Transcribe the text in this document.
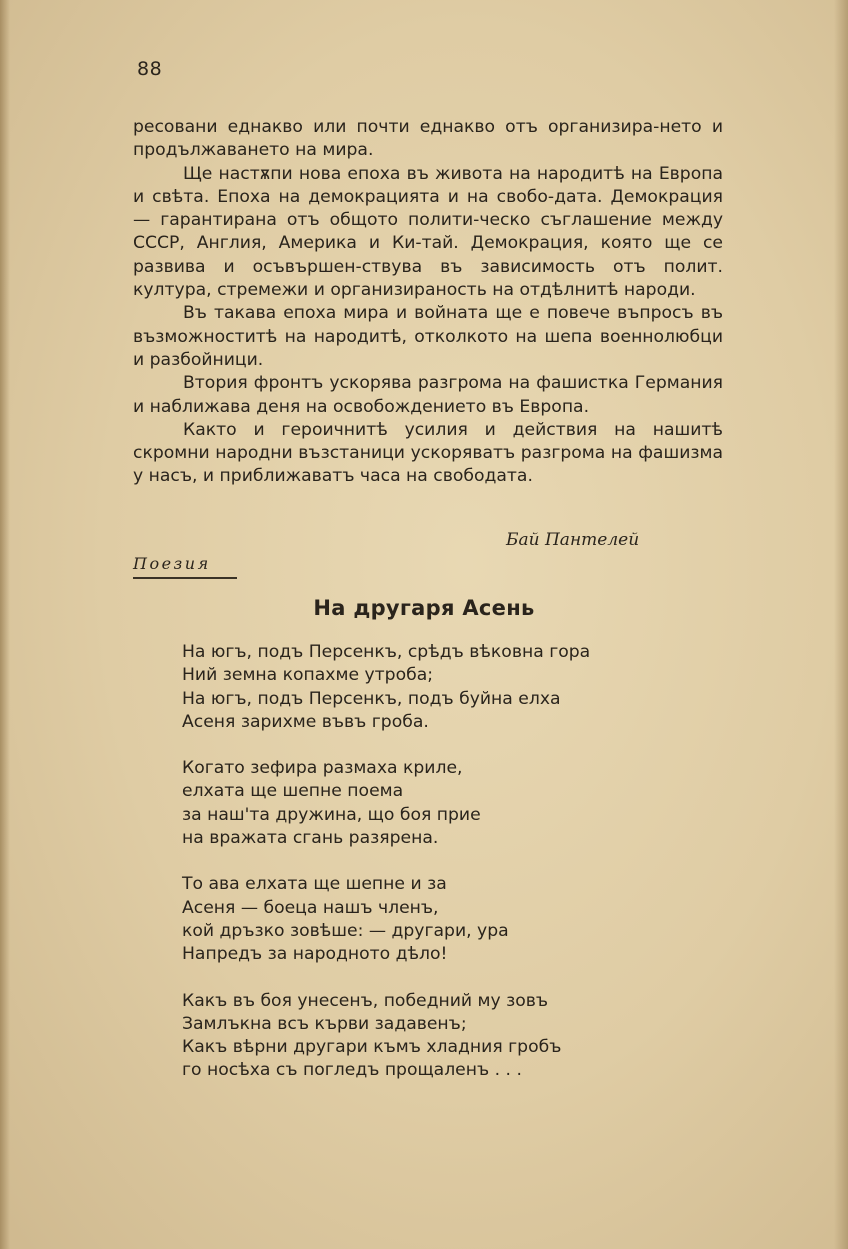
88

ресовани еднакво или почти еднакво отъ организира-нето и продължаването на мира.

Ще настѫпи нова епоха въ живота на народитѣ на Европа и свѣта. Епоха на демокрацията и на свобо-дата. Демокрация — гарантирана отъ общото полити-ческо съглашение между СССР, Англия, Америка и Ки-тай. Демокрация, която ще се развива и осъвършен-ствува въ зависимость отъ полит. култура, стремежи и организираность на отдѣлнитѣ народи.

Въ такава епоха мира и войната ще е повече въпросъ въ възможноститѣ на народитѣ, отколкото на шепа военнолюбци и разбойници.

Втория фронтъ ускорява разгрома на фашистка Германия и наближава деня на освобождението въ Европа.

Както и героичнитѣ усилия и действия на нашитѣ скромни народни възстаници ускоряватъ разгрома на фашизма у насъ, и приближаватъ часа на свободата.

Бай Пантелей
Поезия
На другаря Асень
На югъ, подъ Персенкъ, срѣдъ вѣковна гора
Ний земна копахме утроба;
На югъ, подъ Персенкъ, подъ буйна елха
Асеня зарихме въвъ гроба.
Когато зефира размаха криле,
елхата ще шепне поема
за наш'та дружина, що боя прие
на вражата сгань разярена.
То ава елхата ще шепне и за
Асеня — боеца нашъ членъ,
кой дръзко зовѣше: — другари, ура
Напредъ за народното дѣло!
Какъ въ боя унесенъ, победний му зовъ
Замлъкна всъ кърви задавенъ;
Какъ вѣрни другари къмъ хладния гробъ
го носѣха съ погледъ прощаленъ . . .
